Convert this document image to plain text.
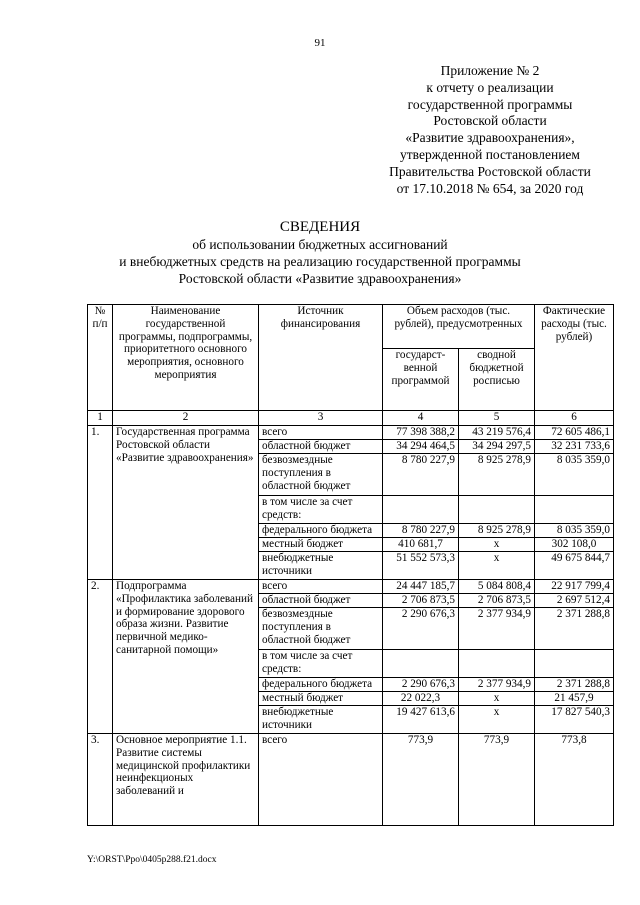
91
Приложение № 2
к отчету о реализации
государственной программы
Ростовской области
«Развитие здравоохранения»,
утвержденной постановлением
Правительства Ростовской области
от 17.10.2018 № 654, за 2020 год
СВЕДЕНИЯ
об использовании бюджетных ассигнований
и внебюджетных средств на реализацию государственной программы
Ростовской области «Развитие здравоохранения»
№ п/п	Наименование государственной программы, подпрограммы, приоритетного основного мероприятия, основного мероприятия	Источник финансирования	Объем расходов (тыс. рублей), предусмотренных		Фактические расходы (тыс. рублей)
			государст-венной программой	сводной бюджетной росписью	
1	2	3	4	5	6
1.	Государственная программа Ростовской области «Развитие здравоохранения»	всего	77 398 388,2	43 219 576,4	72 605 486,1
		областной бюджет	34 294 464,5	34 294 297,5	32 231 733,6
		безвозмездные поступления в областной бюджет	8 780 227,9	8 925 278,9	8 035 359,0
		в том числе за счет средств:			
		федерального бюджета	8 780 227,9	8 925 278,9	8 035 359,0
		местный бюджет	410 681,7	х	302 108,0
		внебюджетные источники	51 552 573,3	х	49 675 844,7
2.	Подпрограмма «Профилактика заболеваний и формирование здорового образа жизни. Развитие первичной медико-санитарной помощи»	всего	24 447 185,7	5 084 808,4	22 917 799,4
		областной бюджет	2 706 873,5	2 706 873,5	2 697 512,4
		безвозмездные поступления в областной бюджет	2 290 676,3	2 377 934,9	2 371 288,8
		в том числе за счет средств:			
		федерального бюджета	2 290 676,3	2 377 934,9	2 371 288,8
		местный бюджет	22 022,3	х	21 457,9
		внебюджетные источники	19 427 613,6	х	17 827 540,3
3.	Основное мероприятие 1.1. Развитие системы медицинской профилактики неинфекционых заболеваний и	всего	773,9	773,9	773,8
Y:\ORST\Ppo\0405p288.f21.docx
